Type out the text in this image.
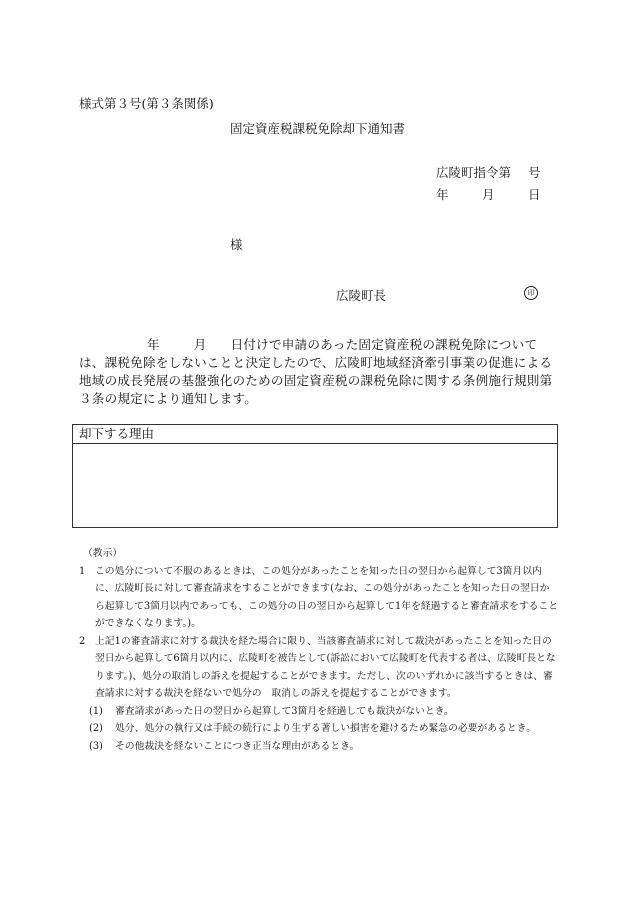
様式第３号(第３条関係)
固定資産税課税免除却下通知書
広陵町指令第 号
年	月	日
様
広陵町長	印
年	月 日付けで申請のあった固定資産税の課税免除については、課税免除をしないことと決定したので、広陵町地域経済牽引事業の促進による地域の成長発展の基盤強化のための固定資産税の課税免除に関する条例施行規則第３条の規定により通知します。
却下する理由
（教示）
1 この処分について不服のあるときは、この処分があったことを知った日の翌日から起算して3箇月以内に、広陵町長に対して審査請求をすることができます(なお、この処分があったことを知った日の翌日から起算して3箇月以内であっても、この処分の日の翌日から起算して1年を経過すると審査請求をすることができなくなります。)。
2 上記1の審査請求に対する裁決を経た場合に限り、当該審査請求に対して裁決があったことを知った日の翌日から起算して6箇月以内に、広陵町を被告として(訴訟において広陵町を代表する者は、広陵町長となります。)、処分の取消しの訴えを提起することができます。ただし、次のいずれかに該当するときは、審査請求に対する裁決を経ないで処分の　取消しの訴えを提起することができます。
(1) 審査請求があった日の翌日から起算して3箇月を経過しても裁決がないとき。
(2) 処分、処分の執行又は手続の続行により生ずる著しい損害を避けるため緊急の必要があるとき。
(3) その他裁決を経ないことにつき正当な理由があるとき。
